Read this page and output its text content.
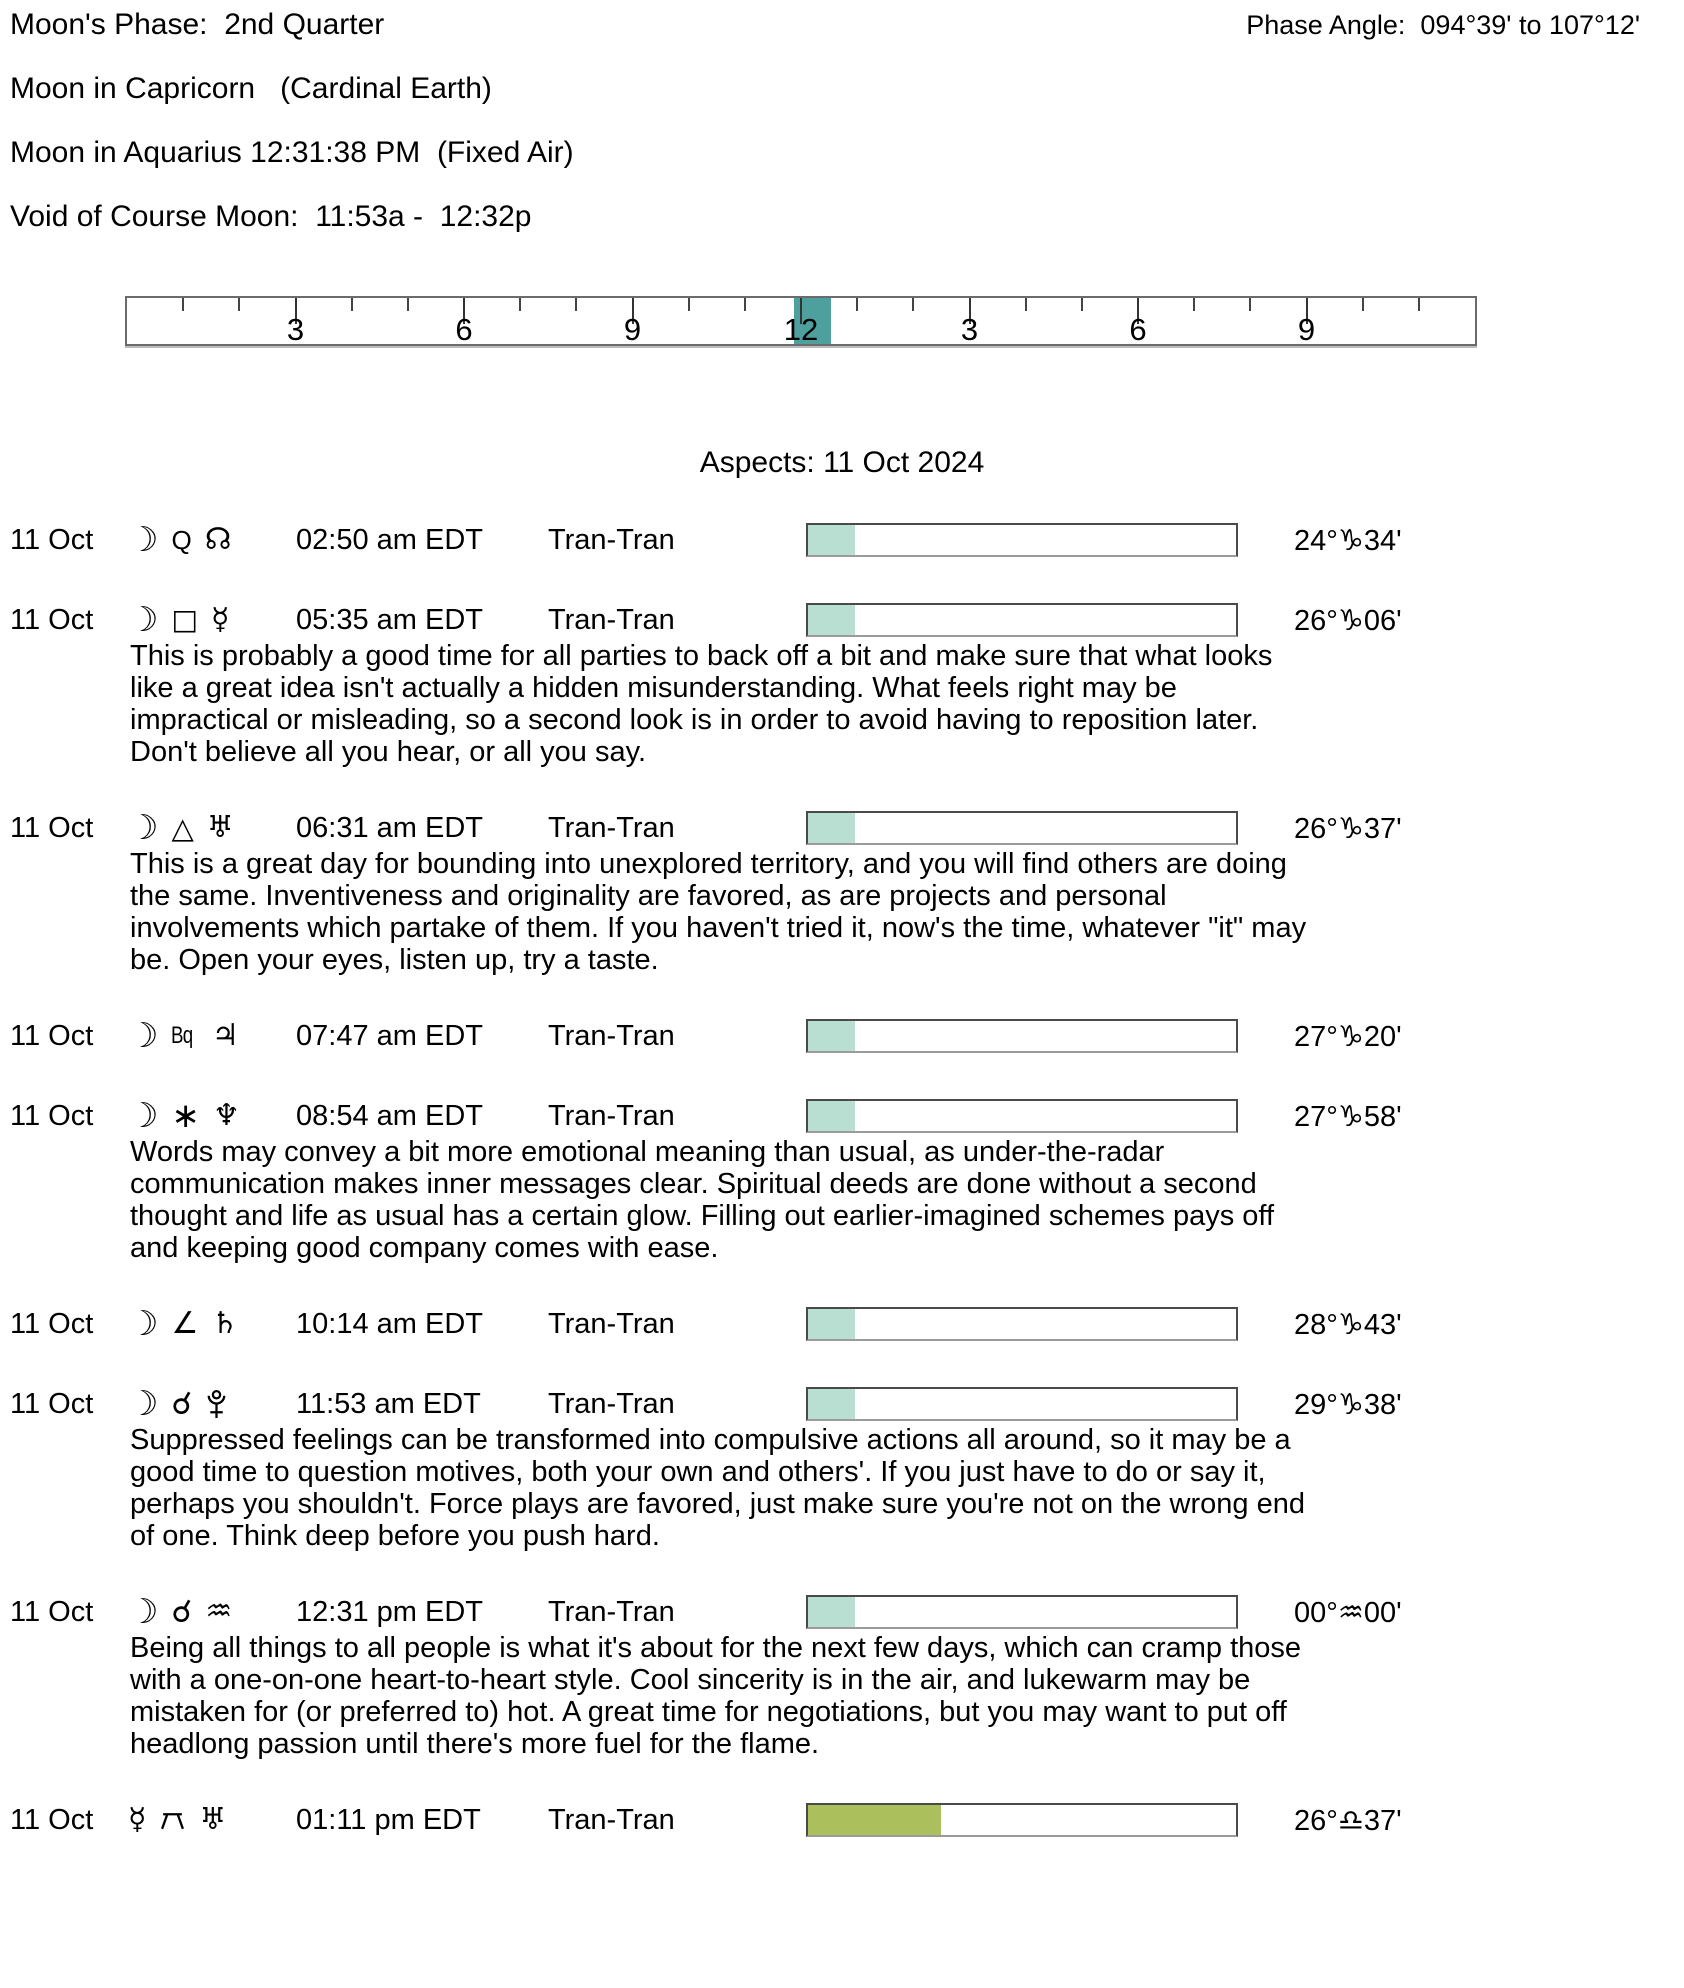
Moon's Phase: 2nd Quarter	Phase Angle: 094°39' to 107°12'
Moon in Capricorn (Cardinal Earth)
Moon in Aquarius 12:31:38 PM (Fixed Air)
Void of Course Moon: 11:53a -  12:32p
3	6	9	12	3	6	9
Aspects: 11 Oct 2024
11 Oct	☽ Q ☊ 02:50 am EDT	Tran-Tran	24°♑34'
11 Oct	☽ □ ☿ 05:35 am EDT	Tran-Tran	26°♑06'
This is probably a good time for all parties to back off a bit and make sure that what looks like a great idea isn't actually a hidden misunderstanding. What feels right may be impractical or misleading, so a second look is in order to avoid having to reposition later. Don't believe all you hear, or all you say.
11 Oct	☽ △ ♅ 06:31 am EDT	Tran-Tran	26°♑37'
This is a great day for bounding into unexplored territory, and you will find others are doing the same. Inventiveness and originality are favored, as are projects and personal involvements which partake of them. If you haven't tried it, now's the time, whatever "it" may be. Open your eyes, listen up, try a taste.
11 Oct	☽ Bq ♃ 07:47 am EDT	Tran-Tran	27°♑20'
11 Oct	☽ ∗ ♆ 08:54 am EDT	Tran-Tran	27°♑58'
Words may convey a bit more emotional meaning than usual, as under-the-radar communication makes inner messages clear. Spiritual deeds are done without a second thought and life as usual has a certain glow. Filling out earlier-imagined schemes pays off and keeping good company comes with ease.
11 Oct	☽ ∠ ♄ 10:14 am EDT	Tran-Tran	28°♑43'
11 Oct	☽ ☌	11:53 am EDT	Tran-Tran	29°♑38'
Suppressed feelings can be transformed into compulsive actions all around, so it may be a good time to question motives, both your own and others'. If you just have to do or say it, perhaps you shouldn't. Force plays are favored, just make sure you're not on the wrong end of one. Think deep before you push hard.
11 Oct	☽ ☌ ♒ 12:31 pm EDT	Tran-Tran	00°♒00'
Being all things to all people is what it's about for the next few days, which can cramp those with a one-on-one heart-to-heart style. Cool sincerity is in the air, and lukewarm may be mistaken for (or preferred to) hot. A great time for negotiations, but you may want to put off headlong passion until there's more fuel for the flame.
11 Oct	☿ ♅ 01:11 pm EDT	Tran-Tran	26°♎37'
